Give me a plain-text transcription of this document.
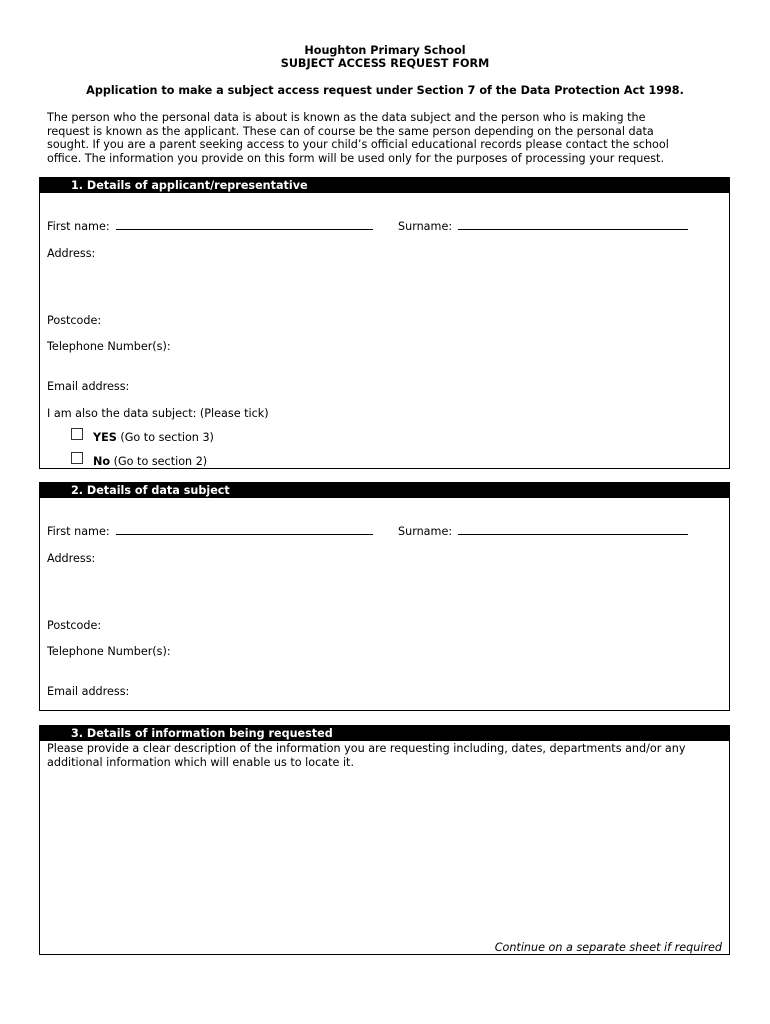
Houghton Primary School
SUBJECT ACCESS REQUEST FORM
Application to make a subject access request under Section 7 of the Data Protection Act 1998.
The person who the personal data is about is known as the data subject and the person who is making the
request is known as the applicant. These can of course be the same person depending on the personal data
sought. If you are a parent seeking access to your child’s official educational records please contact the school
office. The information you provide on this form will be used only for the purposes of processing your request.
1. Details of applicant/representative
First name:	Surname:
Address:
Postcode:
Telephone Number(s):
Email address:
I am also the data subject: (Please tick)
YES (Go to section 3)
No (Go to section 2)
2. Details of data subject
First name:	Surname:
Address:
Postcode:
Telephone Number(s):
Email address:
3. Details of information being requested
Please provide a clear description of the information you are requesting including, dates, departments and/or any
additional information which will enable us to locate it.
Continue on a separate sheet if required
